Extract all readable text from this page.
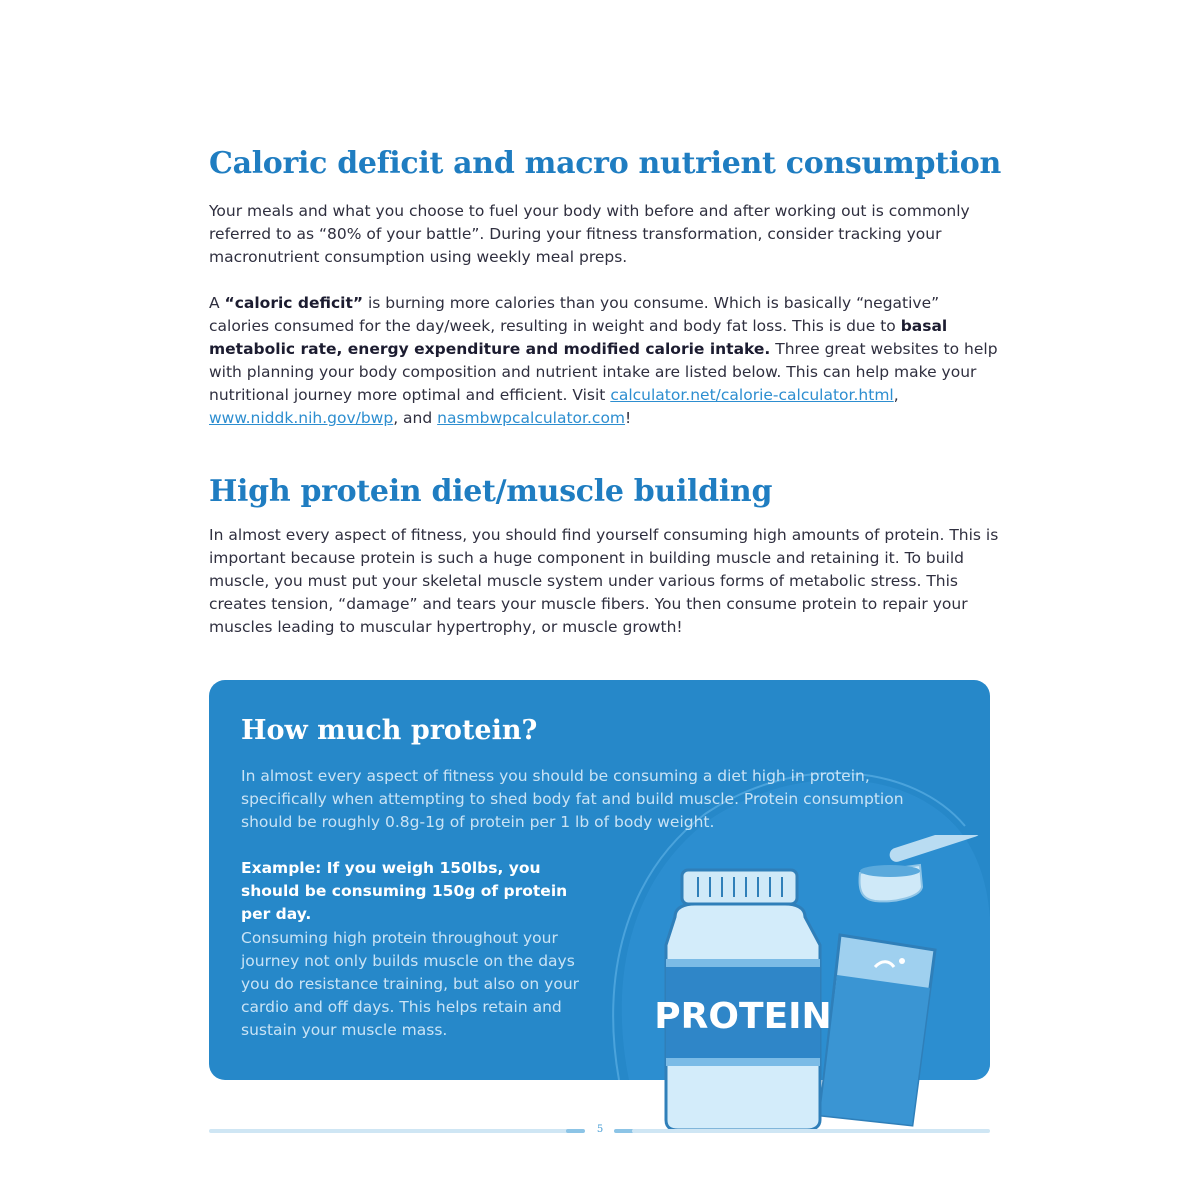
Caloric deficit and macro nutrient consumption

Your meals and what you choose to fuel your body with before and after working out is commonly referred to as “80% of your battle”. During your fitness transformation, consider tracking your macronutrient consumption using weekly meal preps.

A “caloric deficit” is burning more calories than you consume. Which is basically “negative” calories consumed for the day/week, resulting in weight and body fat loss. This is due to basal metabolic rate, energy expenditure and modified calorie intake. Three great websites to help with planning your body composition and nutrient intake are listed below. This can help make your nutritional journey more optimal and efficient. Visit calculator.net/calorie-calculator.html, www.niddk.nih.gov/bwp, and nasmbwpcalculator.com!

High protein diet/muscle building

In almost every aspect of fitness, you should find yourself consuming high amounts of protein. This is important because protein is such a huge component in building muscle and retaining it. To build muscle, you must put your skeletal muscle system under various forms of metabolic stress. This creates tension, “damage” and tears your muscle fibers. You then consume protein to repair your muscles leading to muscular hypertrophy, or muscle growth!

How much protein?

In almost every aspect of fitness you should be consuming a diet high in protein, specifically when attempting to shed body fat and build muscle. Protein consumption should be roughly 0.8g-1g of protein per 1 lb of body weight.

Example: If you weigh 150lbs, you should be consuming 150g of protein per day.

Consuming high protein throughout your journey not only builds muscle on the days you do resistance training, but also on your cardio and off days. This helps retain and sustain your muscle mass.	PROTEIN
5
